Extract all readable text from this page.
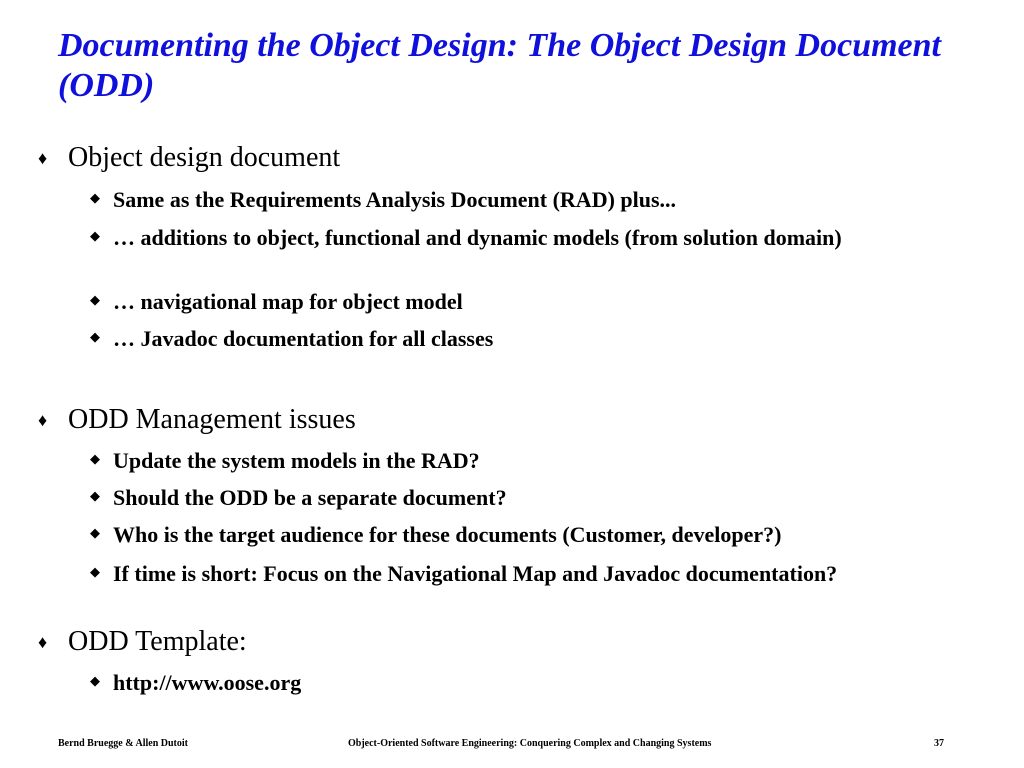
Documenting the Object Design: The Object Design Document (ODD)
♦ Object design document
◆ Same as the Requirements Analysis Document (RAD) plus...
◆ … additions to object, functional and dynamic models (from solution domain)
◆ … navigational map for object model
◆ … Javadoc documentation for all classes
♦ ODD Management issues
◆ Update the system models in the RAD?
◆ Should the ODD be a separate document?
◆ Who is the target audience for these documents (Customer, developer?)
◆ If time is short: Focus on the Navigational Map and Javadoc documentation?
♦ ODD Template:
◆ http://www.oose.org
Bernd Bruegge & Allen Dutoit	Object-Oriented Software Engineering: Conquering Complex and Changing Systems	37
